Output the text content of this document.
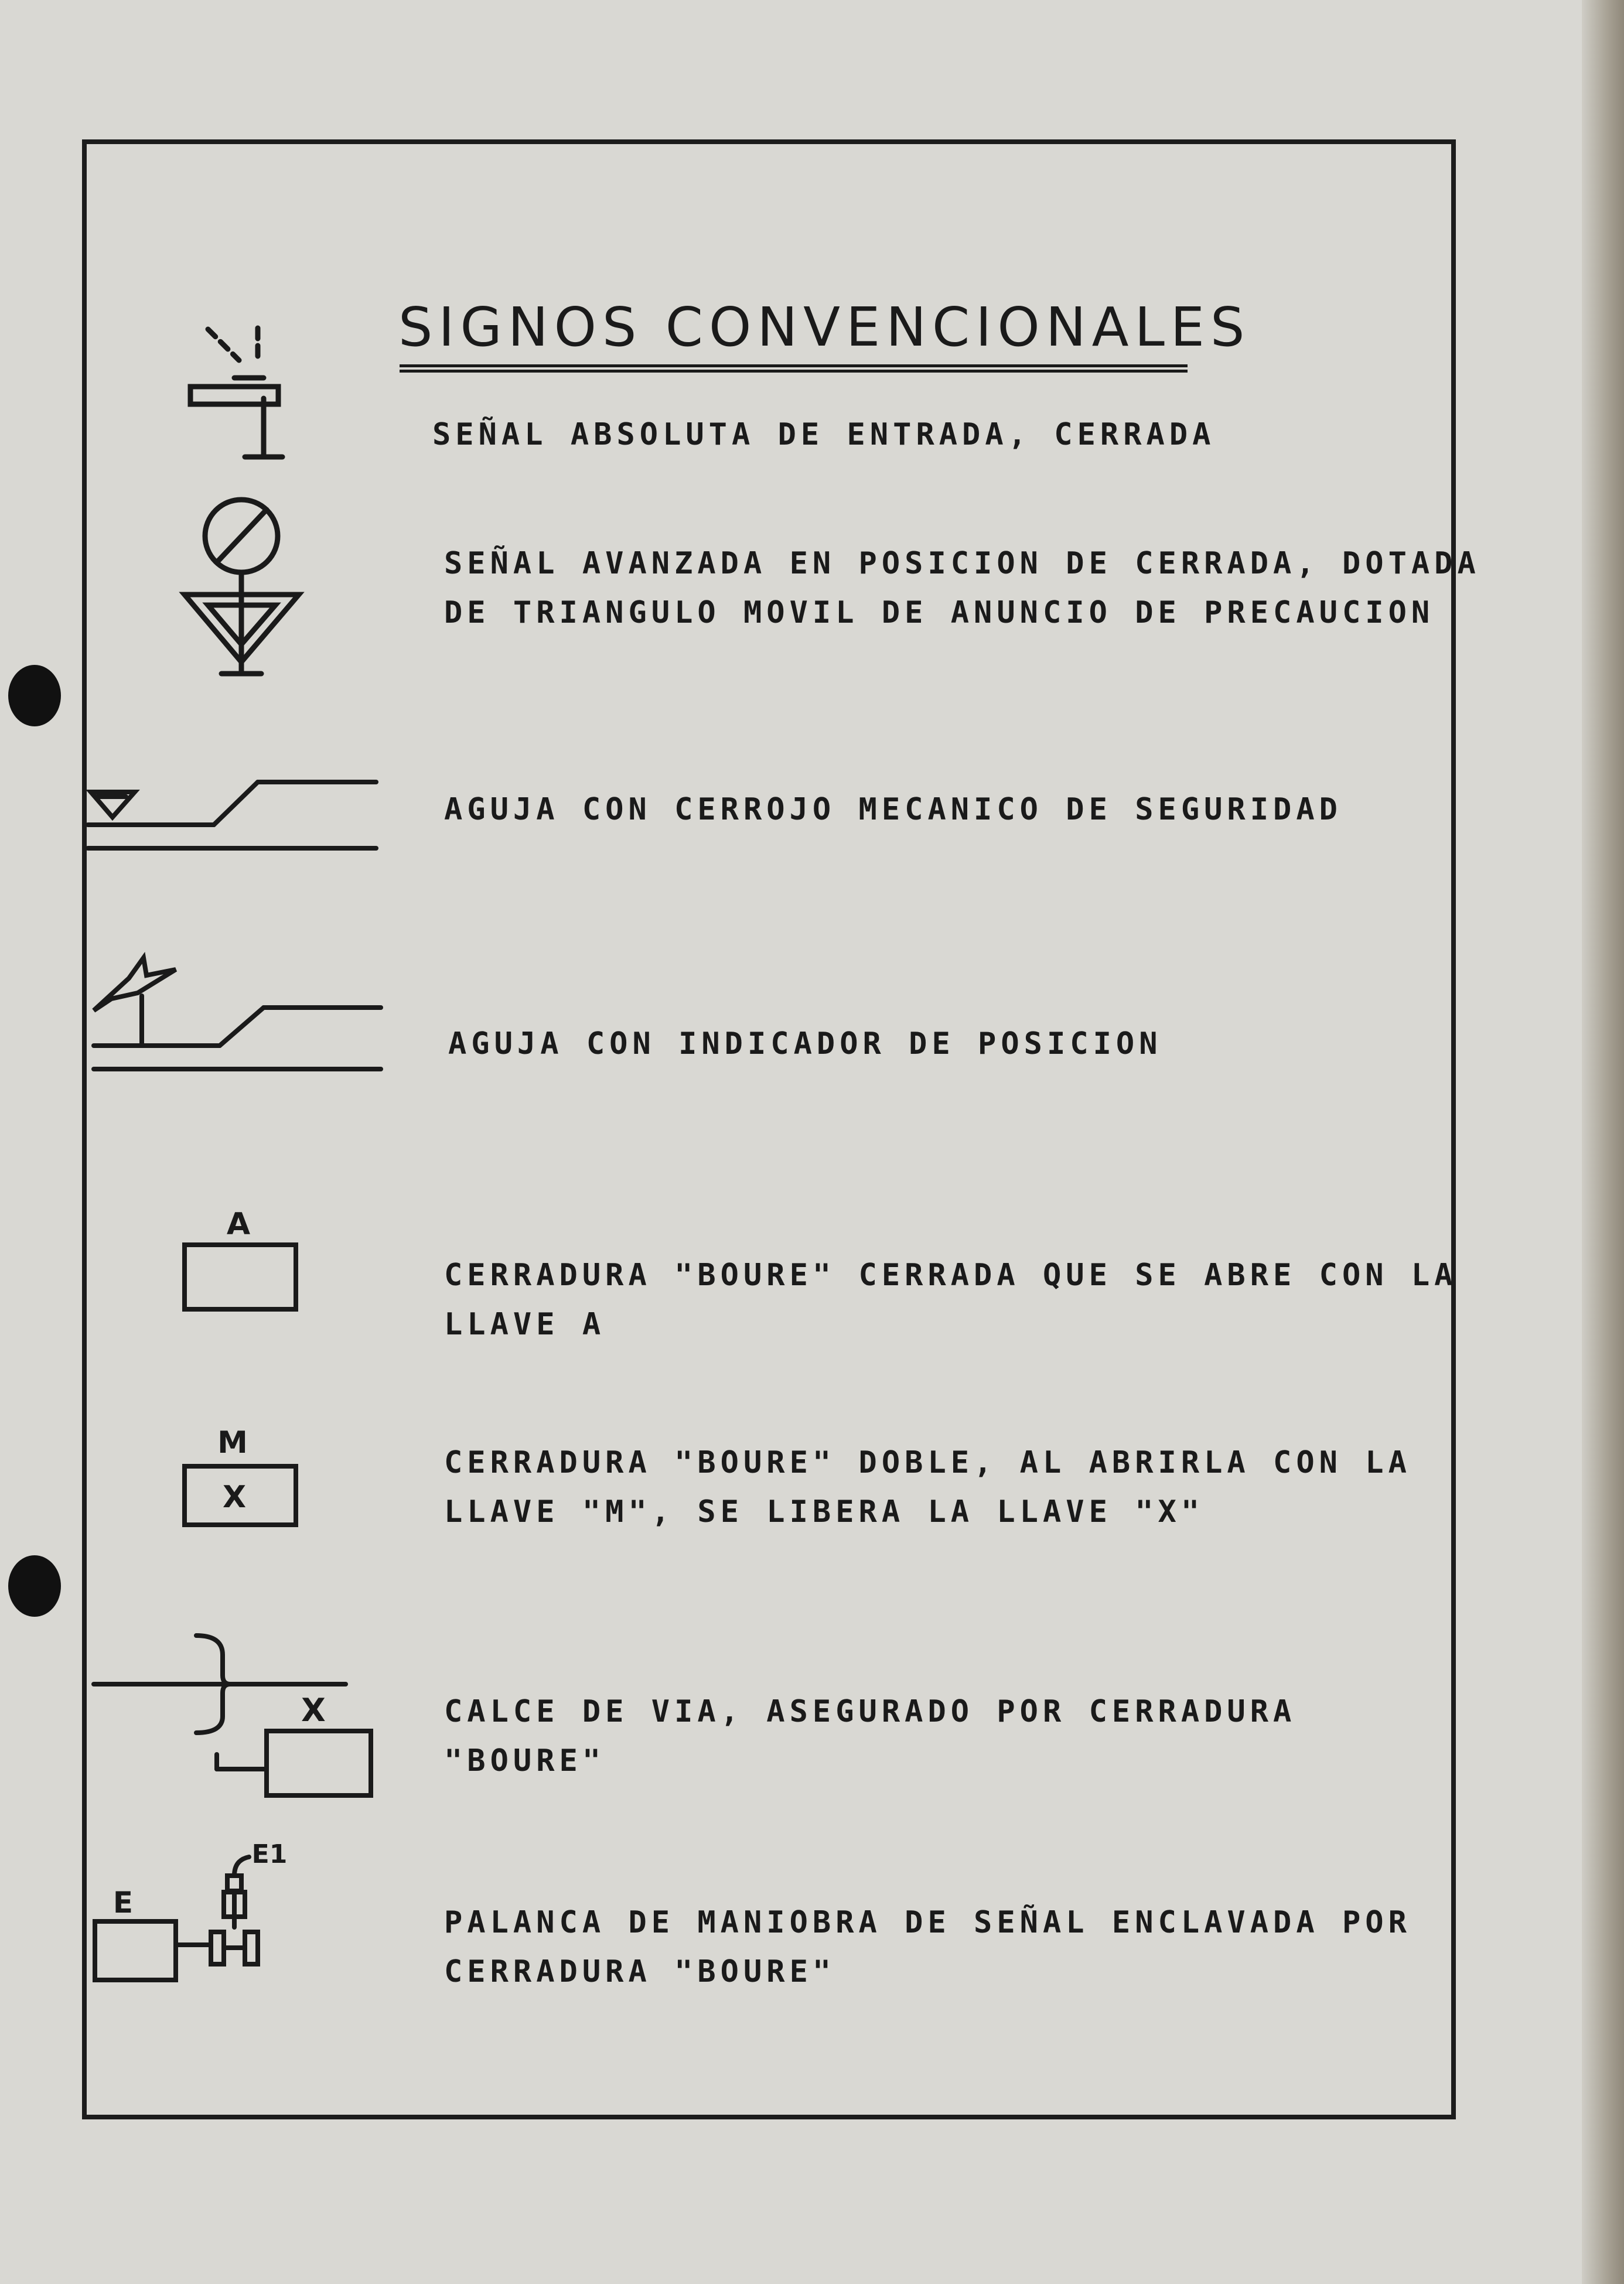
SIGNOS CONVENCIONALES
SEÑAL ABSOLUTA DE ENTRADA, CERRADA
SEÑAL AVANZADA EN POSICION DE CERRADA, DOTADA
DE TRIANGULO MOVIL DE ANUNCIO DE PRECAUCION
AGUJA CON CERROJO MECANICO DE SEGURIDAD
AGUJA CON INDICADOR DE POSICION
A
CERRADURA "BOURE" CERRADA QUE SE ABRE CON LA
LLAVE A
M
X
CERRADURA "BOURE" DOBLE, AL ABRIRLA CON LA
LLAVE "M", SE LIBERA LA LLAVE "X"
X	CALCE DE VIA, ASEGURADO POR CERRADURA
"BOURE"
E
E1
PALANCA DE MANIOBRA DE SEÑAL ENCLAVADA POR
CERRADURA "BOURE"
